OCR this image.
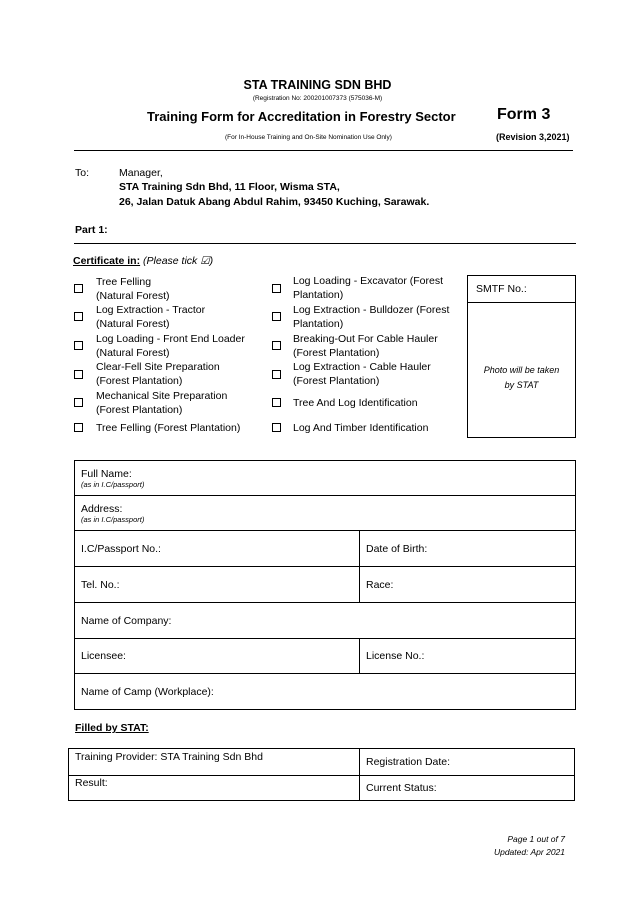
STA TRAINING SDN BHD
(Registration No: 200201007373 (575036-M)
Training Form for Accreditation in Forestry Sector	Form 3
(For In-House Training and On-Site Nomination Use Only)	(Revision 3,2021)
To:	Manager,
STA Training Sdn Bhd, 11 Floor, Wisma STA,
26, Jalan Datuk Abang Abdul Rahim, 93450 Kuching, Sarawak.
Part 1:
Certificate in: (Please tick ☑)
Tree Felling
(Natural Forest)
Log Extraction - Tractor
(Natural Forest)
Log Loading - Front End Loader
(Natural Forest)
Clear-Fell Site Preparation
(Forest Plantation)
Mechanical Site Preparation
(Forest Plantation)
Tree Felling (Forest Plantation)
Log Loading - Excavator (Forest
Plantation)
Log Extraction - Bulldozer (Forest
Plantation)
Breaking-Out For Cable Hauler
(Forest Plantation)
Log Extraction - Cable Hauler
(Forest Plantation)
Tree And Log Identification
Log And Timber Identification
SMTF No.:
Photo will be taken
by STAT
Full Name:
(as in I.C/passport)	

Address:
(as in I.C/passport)	

I.C/Passport No.:	Date of Birth:
Tel. No.:	Race:
Name of Company:	
Licensee:	License No.:
Name of Camp (Workplace):	
Filled by STAT:
Training Provider: STA Training Sdn Bhd	Registration Date:
Result:	Current Status:
Page 1 out of 7
Updated: Apr 2021
